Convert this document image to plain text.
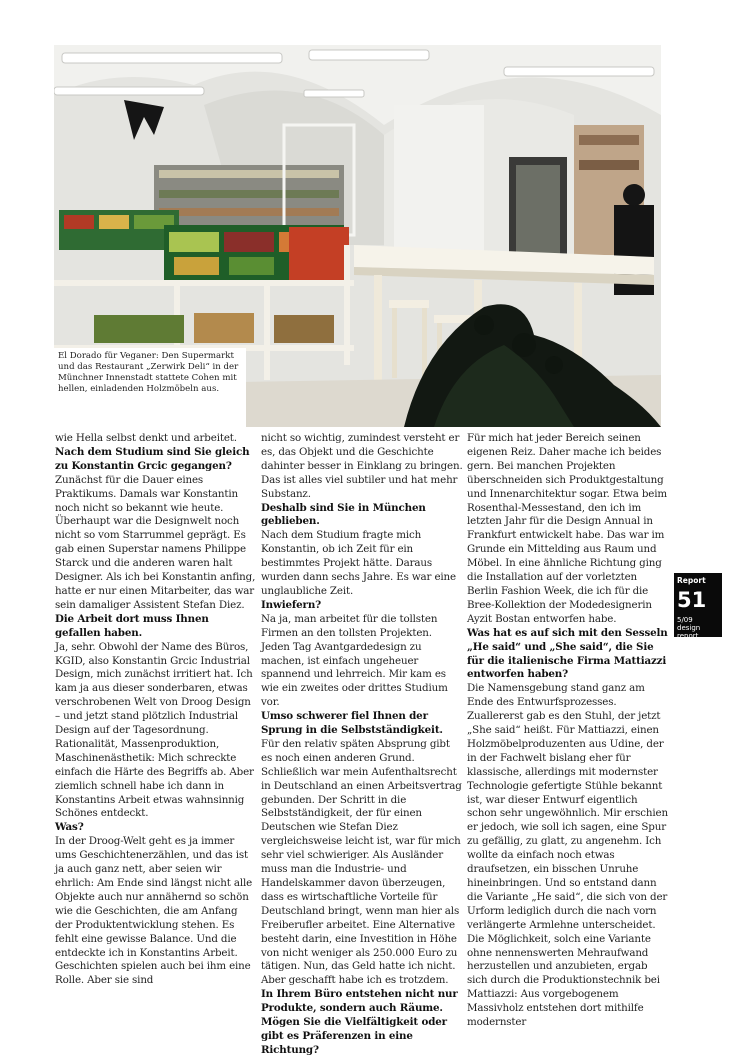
El Dorado für Veganer: Den Supermarkt und das Restaurant „Zerwirk Deli“ in der Münchner Innenstadt stattete Cohen mit hellen, einladenden Holzmöbeln aus.

wie Hella selbst denkt und arbeitet.

Nach dem Studium sind Sie gleich zu Konstantin Grcic gegangen?

Zunächst für die Dauer eines Praktikums. Damals war Konstantin noch nicht so bekannt wie heute. Überhaupt war die Designwelt noch nicht so vom Starrummel geprägt. Es gab einen Superstar namens Philippe Starck und die anderen waren halt Designer. Als ich bei Konstantin anfing, hatte er nur einen Mitarbeiter, das war sein damaliger Assistent Stefan Diez.

Die Arbeit dort muss Ihnen gefallen haben.

Ja, sehr. Obwohl der Name des Büros, KGID, also Konstantin Grcic Industrial Design, mich zunächst irritiert hat. Ich kam ja aus dieser sonderbaren, etwas verschrobenen Welt von Droog Design – und jetzt stand plötzlich Industrial Design auf der Tagesordnung. Rationalität, Massenproduktion, Maschinenästhetik: Mich schreckte einfach die Härte des Begriffs ab. Aber ziemlich schnell habe ich dann in Konstantins Arbeit etwas wahnsinnig Schönes entdeckt.

Was?

In der Droog-Welt geht es ja immer ums Geschichtenerzählen, und das ist ja auch ganz nett, aber seien wir ehrlich: Am Ende sind längst nicht alle Objekte auch nur annähernd so schön wie die Geschichten, die am Anfang der Produktentwicklung stehen. Es fehlt eine gewisse Balance. Und die entdeckte ich in Konstantins Arbeit. Geschichten spielen auch bei ihm eine Rolle. Aber sie sind

nicht so wichtig, zumindest versteht er es, das Objekt und die Geschichte dahinter besser in Einklang zu bringen. Das ist alles viel subtiler und hat mehr Substanz.

Deshalb sind Sie in München geblieben.

Nach dem Studium fragte mich Konstantin, ob ich Zeit für ein bestimmtes Projekt hätte. Daraus wurden dann sechs Jahre. Es war eine unglaubliche Zeit.

Inwiefern?

Na ja, man arbeitet für die tollsten Firmen an den tollsten Projekten. Jeden Tag Avantgardedesign zu machen, ist einfach ungeheuer spannend und lehrreich. Mir kam es wie ein zweites oder drittes Studium vor.

Umso schwerer fiel Ihnen der Sprung in die Selbstständigkeit.

Für den relativ späten Absprung gibt es noch einen anderen Grund. Schließlich war mein Aufenthaltsrecht in Deutschland an einen Arbeitsvertrag gebunden. Der Schritt in die Selbstständigkeit, der für einen Deutschen wie Stefan Diez vergleichsweise leicht ist, war für mich sehr viel schwieriger. Als Ausländer muss man die Industrie- und Handelskammer davon überzeugen, dass es wirtschaftliche Vorteile für Deutschland bringt, wenn man hier als Freiberufler arbeitet. Eine Alternative besteht darin, eine Investition in Höhe von nicht weniger als 250.000 Euro zu tätigen. Nun, das Geld hatte ich nicht. Aber geschafft habe ich es trotzdem.

In Ihrem Büro entstehen nicht nur Produkte, sondern auch Räume. Mögen Sie die Vielfältigkeit oder gibt es Präferenzen in eine Richtung?

Für mich hat jeder Bereich seinen eigenen Reiz. Daher mache ich beides gern. Bei manchen Projekten überschneiden sich Produktgestaltung und Innenarchitektur sogar. Etwa beim Rosenthal-Messestand, den ich im letzten Jahr für die Design Annual in Frankfurt entwickelt habe. Das war im Grunde ein Mittelding aus Raum und Möbel. In eine ähnliche Richtung ging die Installation auf der vorletzten Berlin Fashion Week, die ich für die Bree-Kollektion der Modedesignerin Ayzit Bostan entworfen habe.

Was hat es auf sich mit den Sesseln „He said“ und „She said“, die Sie für die italienische Firma Mattiazzi entworfen haben?

Die Namensgebung stand ganz am Ende des Entwurfsprozesses. Zuallererst gab es den Stuhl, der jetzt „She said“ heißt. Für Mattiazzi, einen Holzmöbelproduzenten aus Udine, der in der Fachwelt bislang eher für klassische, allerdings mit modernster Technologie gefertigte Stühle bekannt ist, war dieser Entwurf eigentlich schon sehr ungewöhnlich. Mir erschien er jedoch, wie soll ich sagen, eine Spur zu gefällig, zu glatt, zu angenehm. Ich wollte da einfach noch etwas draufsetzen, ein bisschen Unruhe hineinbringen. Und so entstand dann die Variante „He said“, die sich von der Urform lediglich durch die nach vorn verlängerte Armlehne unterscheidet. Die Möglichkeit, solch eine Variante ohne nennenswerten Mehraufwand herzustellen und anzubieten, ergab sich durch die Produktionstechnik bei Mattiazzi: Aus vorgebogenem Massivholz entstehen dort mithilfe modernster

Report
51
5/09
design report
